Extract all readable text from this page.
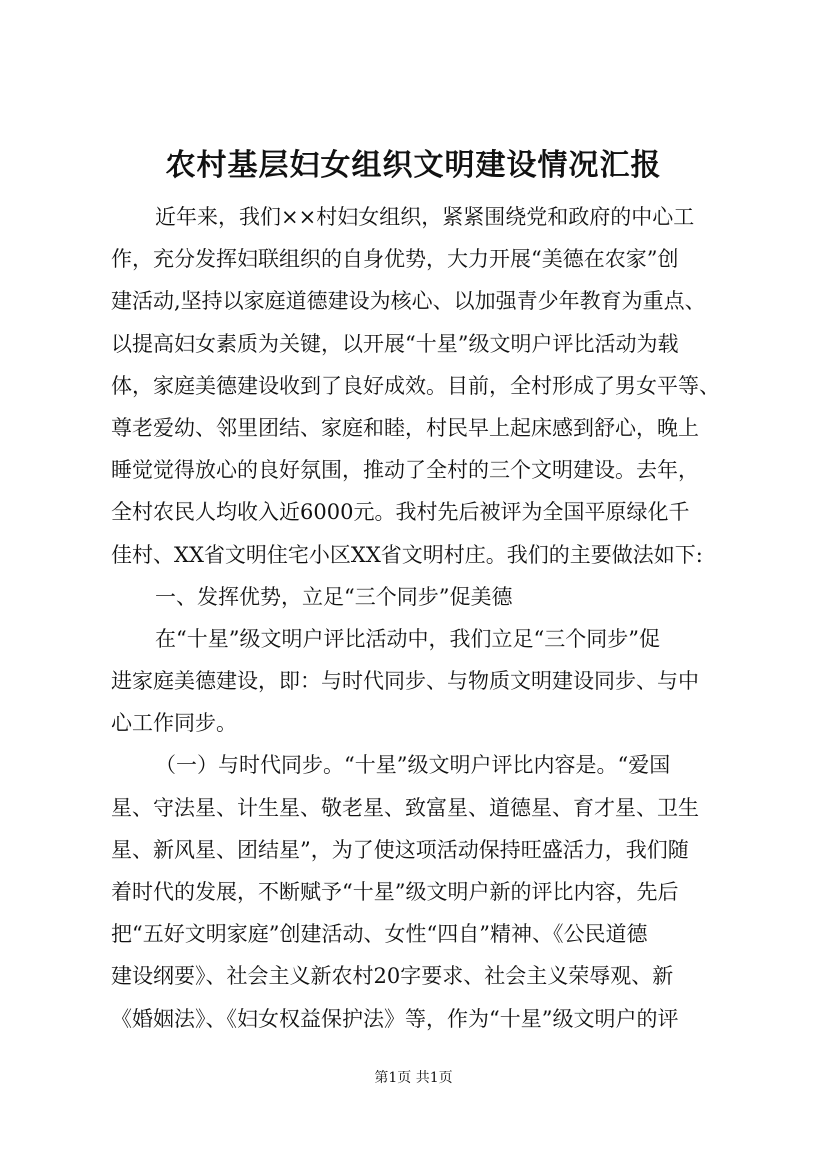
农村基层妇女组织文明建设情况汇报
近年来，我们××村妇女组织，紧紧围绕党和政府的中心工
作，充分发挥妇联组织的自身优势，大力开展“美德在农家”创
建活动,坚持以家庭道德建设为核心、以加强青少年教育为重点、
以提高妇女素质为关键，以开展“十星”级文明户评比活动为载
体，家庭美德建设收到了良好成效。目前，全村形成了男女平等、
尊老爱幼、邻里团结、家庭和睦，村民早上起床感到舒心，晚上
睡觉觉得放心的良好氛围，推动了全村的三个文明建设。去年，
全村农民人均收入近6000元。我村先后被评为全国平原绿化千
佳村、XX省文明住宅小区XX省文明村庄。我们的主要做法如下:
一、发挥优势，立足“三个同步”促美德
在“十星”级文明户评比活动中，我们立足“三个同步”促
进家庭美德建设，即：与时代同步、与物质文明建设同步、与中
心工作同步。
（一）与时代同步。“十星”级文明户评比内容是。“爱国
星、守法星、计生星、敬老星、致富星、道德星、育才星、卫生
星、新风星、团结星”，为了使这项活动保持旺盛活力，我们随
着时代的发展，不断赋予“十星”级文明户新的评比内容，先后
把“五好文明家庭”创建活动、女性“四自”精神、《公民道德
建设纲要》、社会主义新农村20字要求、社会主义荣辱观、新
《婚姻法》、《妇女权益保护法》等，作为“十星”级文明户的评
第1页 共1页
